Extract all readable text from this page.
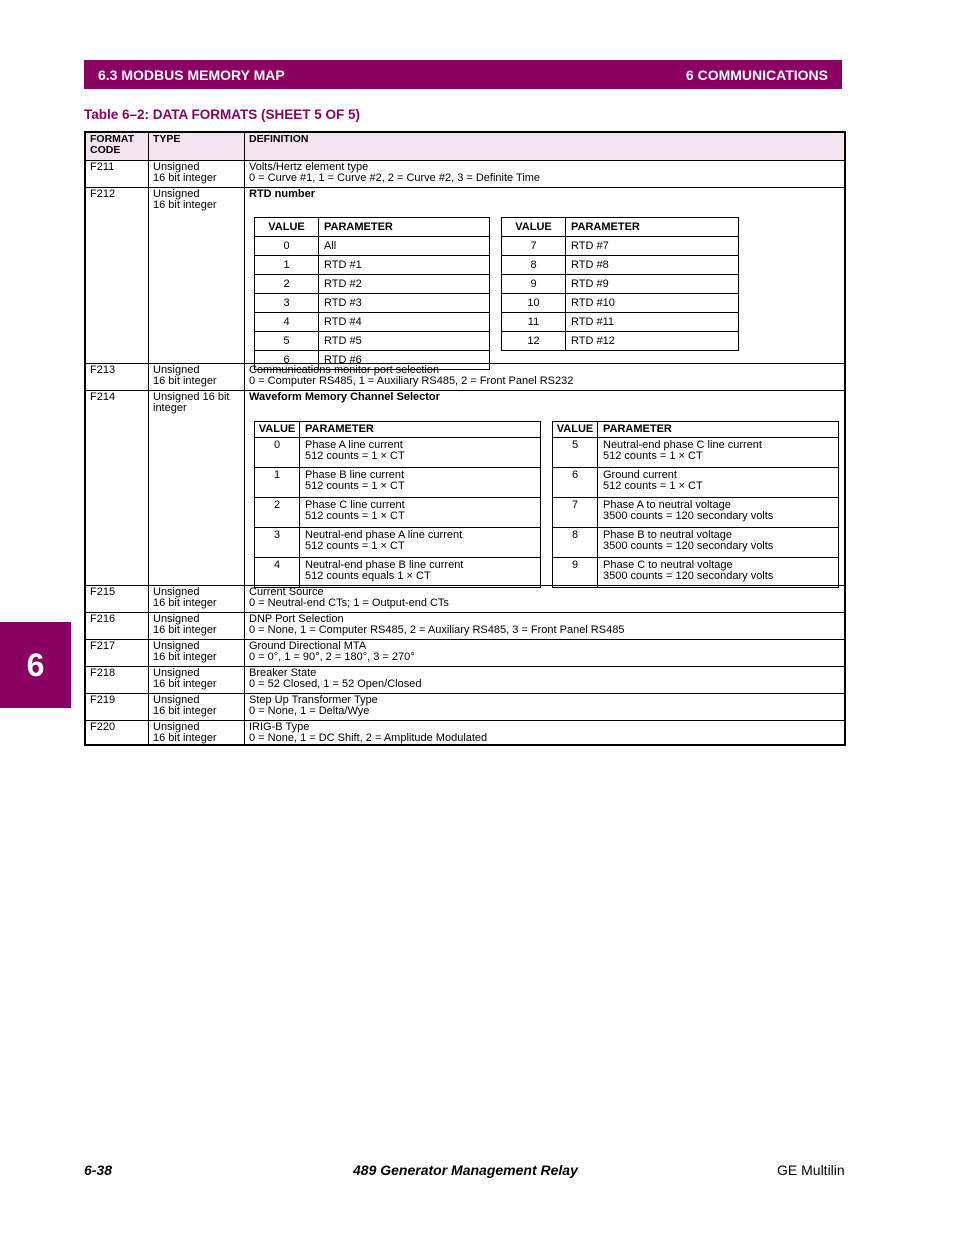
6.3 MODBUS MEMORY MAP	6 COMMUNICATIONS
6
Table 6–2: DATA FORMATS (SHEET 5 OF 5)
FORMAT
CODE
TYPE	DEFINITION
F211	Unsigned
16 bit integer
Volts/Hertz element type
0 = Curve #1, 1 = Curve #2, 2 = Curve #2, 3 = Definite Time
F212	Unsigned
16 bit integer
RTD number
VALUE	PARAMETER
0	All
1	RTD #1
2	RTD #2
3	RTD #3
4	RTD #4
5	RTD #5
6	RTD #6
VALUE	PARAMETER
7	RTD #7
8	RTD #8
9	RTD #9
10	RTD #10
11	RTD #11
12	RTD #12
F213	Unsigned
16 bit integer
Communications monitor port selection
0 = Computer RS485, 1 = Auxiliary RS485, 2 = Front Panel RS232
F214	Unsigned 16 bit
integer
Waveform Memory Channel Selector
VALUE	PARAMETER
0	Phase A line current
512 counts = 1 × CT

1	Phase B line current
512 counts = 1 × CT

2	Phase C line current
512 counts = 1 × CT

3	Neutral-end phase A line current
512 counts = 1 × CT

4	Neutral-end phase B line current
512 counts equals 1 × CT
VALUE	PARAMETER
5	Neutral-end phase C line current
512 counts = 1 × CT

6	Ground current
512 counts = 1 × CT

7	Phase A to neutral voltage
3500 counts = 120 secondary volts

8	Phase B to neutral voltage
3500 counts = 120 secondary volts

9	Phase C to neutral voltage
3500 counts = 120 secondary volts
F215	Unsigned
16 bit integer
Current Source
0 = Neutral-end CTs; 1 = Output-end CTs
F216	Unsigned
16 bit integer
DNP Port Selection
0 = None, 1 = Computer RS485, 2 = Auxiliary RS485, 3 = Front Panel RS485
F217	Unsigned
16 bit integer
Ground Directional MTA
0 = 0°, 1 = 90°, 2 = 180°, 3 = 270°
F218	Unsigned
16 bit integer
Breaker State
0 = 52 Closed, 1 = 52 Open/Closed
F219	Unsigned
16 bit integer
Step Up Transformer Type
0 = None, 1 = Delta/Wye
F220	Unsigned
16 bit integer
IRIG-B Type
0 = None, 1 = DC Shift, 2 = Amplitude Modulated
6-38	489 Generator Management Relay	GE Multilin
